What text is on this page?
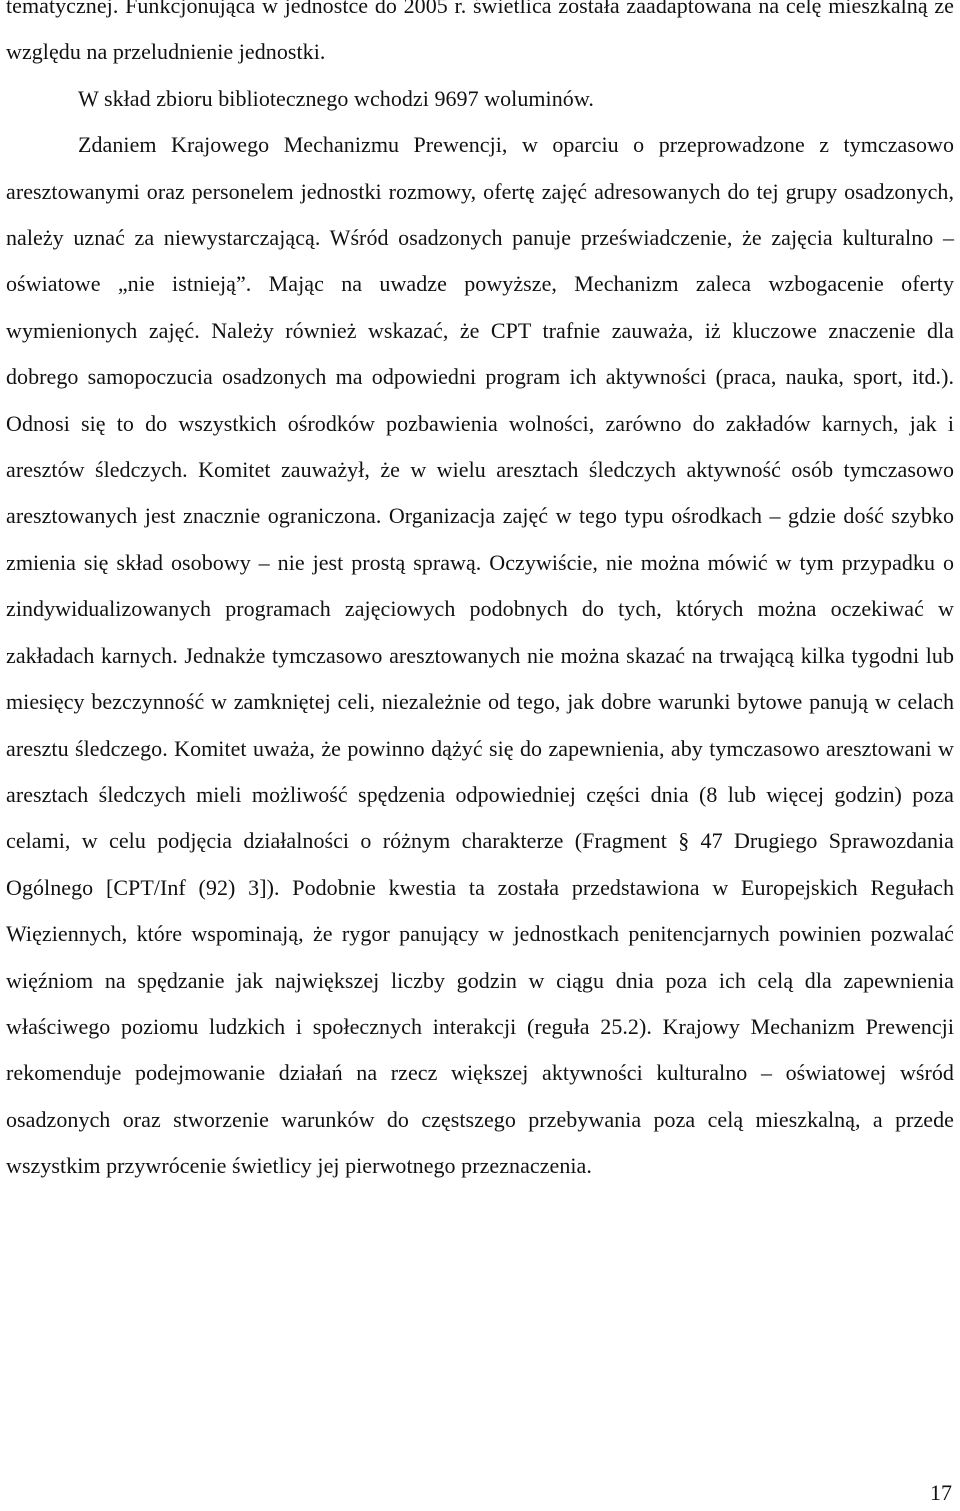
tematycznej. Funkcjonująca w jednostce do 2005 r. świetlica została zaadaptowana na celę mieszkalną ze względu na przeludnienie jednostki.

W skład zbioru bibliotecznego wchodzi 9697 woluminów.

Zdaniem Krajowego Mechanizmu Prewencji, w oparciu o przeprowadzone z tymczasowo aresztowanymi oraz personelem jednostki rozmowy, ofertę zajęć adresowanych do tej grupy osadzonych, należy uznać za niewystarczającą. Wśród osadzonych panuje przeświadczenie, że zajęcia kulturalno – oświatowe „nie istnieją”. Mając na uwadze powyższe, Mechanizm zaleca wzbogacenie oferty wymienionych zajęć. Należy również wskazać, że CPT trafnie zauważa, iż kluczowe znaczenie dla dobrego samopoczucia osadzonych ma odpowiedni program ich aktywności (praca, nauka, sport, itd.). Odnosi się to do wszystkich ośrodków pozbawienia wolności, zarówno do zakładów karnych, jak i aresztów śledczych. Komitet zauważył, że w wielu aresztach śledczych aktywność osób tymczasowo aresztowanych jest znacznie ograniczona. Organizacja zajęć w tego typu ośrodkach – gdzie dość szybko zmienia się skład osobowy – nie jest prostą sprawą. Oczywiście, nie można mówić w tym przypadku o zindywidualizowanych programach zajęciowych podobnych do tych, których można oczekiwać w zakładach karnych. Jednakże tymczasowo aresztowanych nie można skazać na trwającą kilka tygodni lub miesięcy bezczynność w zamkniętej celi, niezależnie od tego, jak dobre warunki bytowe panują w celach aresztu śledczego. Komitet uważa, że powinno dążyć się do zapewnienia, aby tymczasowo aresztowani w aresztach śledczych mieli możliwość spędzenia odpowiedniej części dnia (8 lub więcej godzin) poza celami, w celu podjęcia działalności o różnym charakterze (Fragment § 47 Drugiego Sprawozdania Ogólnego [CPT/Inf (92) 3]). Podobnie kwestia ta została przedstawiona w Europejskich Regułach Więziennych, które wspominają, że rygor panujący w jednostkach penitencjarnych powinien pozwalać więźniom na spędzanie jak największej liczby godzin w ciągu dnia poza ich celą dla zapewnienia właściwego poziomu ludzkich i społecznych interakcji (reguła 25.2). Krajowy Mechanizm Prewencji rekomenduje podejmowanie działań na rzecz większej aktywności kulturalno – oświatowej wśród osadzonych oraz stworzenie warunków do częstszego przebywania poza celą mieszkalną, a przede wszystkim przywrócenie świetlicy jej pierwotnego przeznaczenia.

17
